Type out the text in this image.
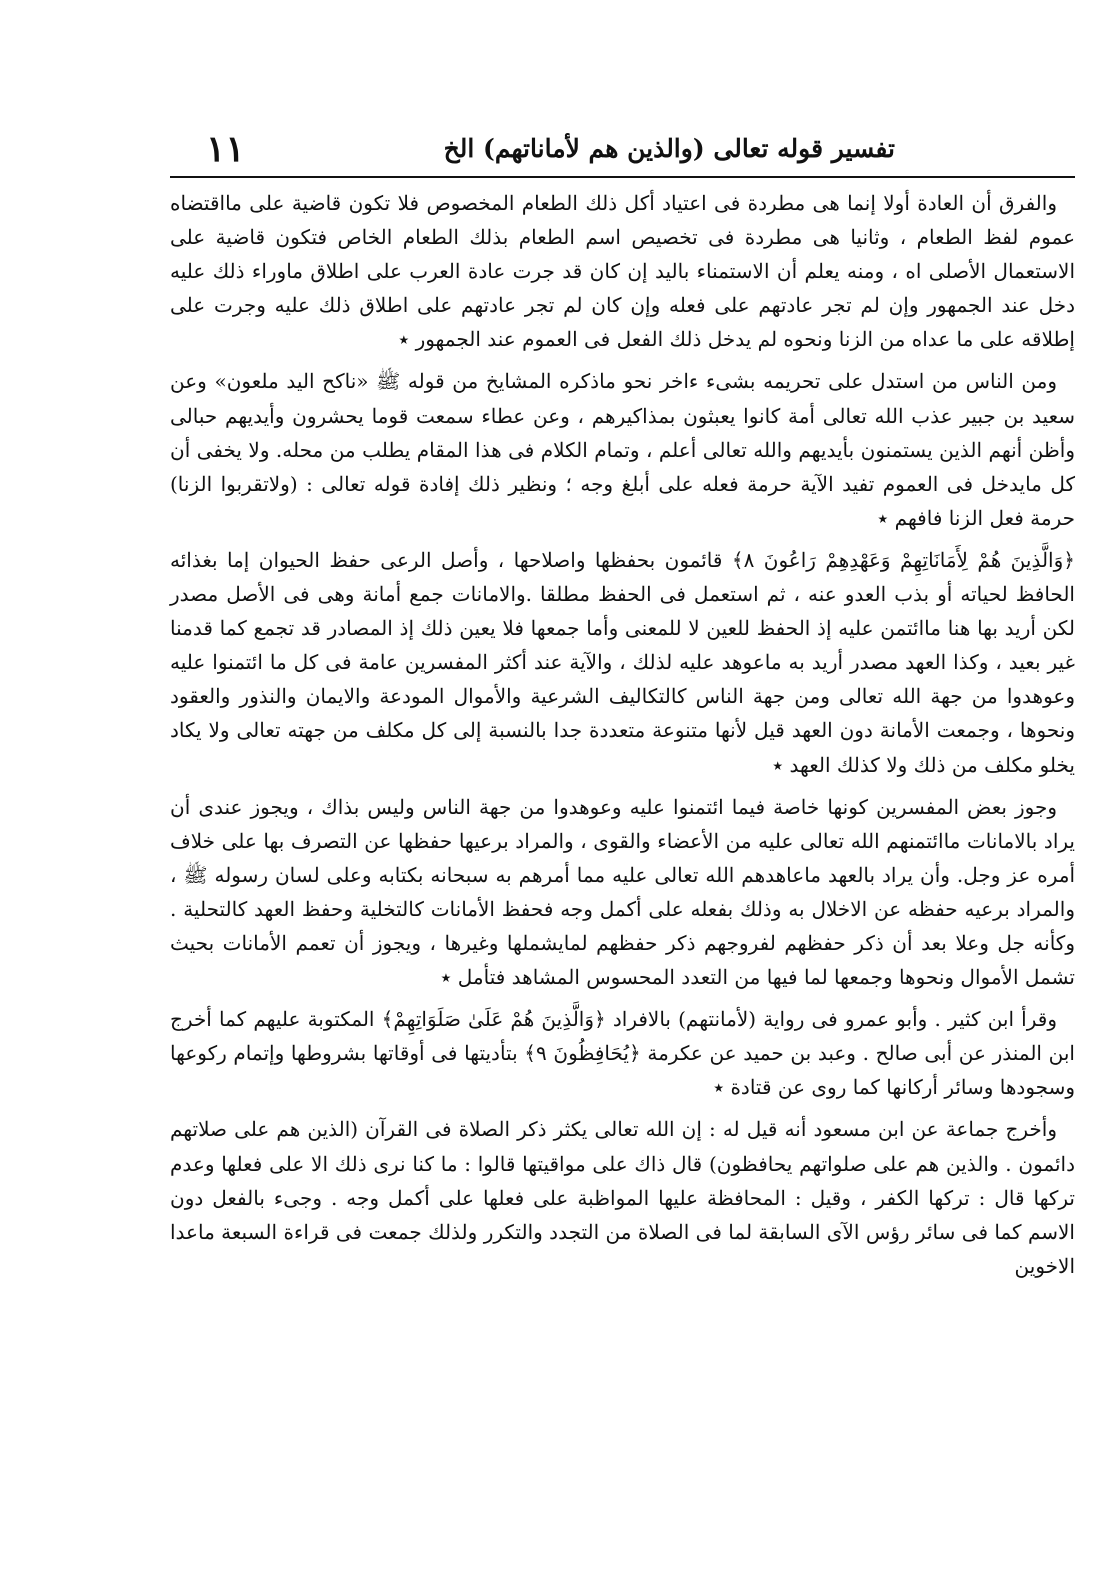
تفسير قوله تعالى (والذين هم لأماناتهم) الخ
١١

والفرق أن العادة أولا إنما هى مطردة فى اعتياد أكل ذلك الطعام المخصوص فلا تكون قاضية على مااقتضاه عموم لفظ الطعام ، وثانيا هى مطردة فى تخصيص اسم الطعام بذلك الطعام الخاص فتكون قاضية على الاستعمال الأصلى اه ، ومنه يعلم أن الاستمناء باليد إن كان قد جرت عادة العرب على اطلاق ماوراء ذلك عليه دخل عند الجمهور وإن لم تجر عادتهم على فعله وإن كان لم تجر عادتهم على اطلاق ذلك عليه وجرت على إطلاقه على ما عداه من الزنا ونحوه لم يدخل ذلك الفعل فى العموم عند الجمهور ٭

ومن الناس من استدل على تحريمه بشىء ءاخر نحو ماذكره المشايخ من قوله ﷺ «ناكح اليد ملعون» وعن سعيد بن جبير عذب الله تعالى أمة كانوا يعبثون بمذاكيرهم ، وعن عطاء سمعت قوما يحشرون وأيديهم حبالى وأظن أنهم الذين يستمنون بأيديهم والله تعالى أعلم ، وتمام الكلام فى هذا المقام يطلب من محله. ولا يخفى أن كل مايدخل فى العموم تفيد الآية حرمة فعله على أبلغ وجه ؛ ونظير ذلك إفادة قوله تعالى : (ولاتقربوا الزنا) حرمة فعل الزنا فافهم ٭

﴿وَالَّذِينَ هُمْ لِأَمَانَاتِهِمْ وَعَهْدِهِمْ رَاعُونَ ٨﴾ قائمون بحفظها واصلاحها ، وأصل الرعى حفظ الحيوان إما بغذائه الحافظ لحياته أو بذب العدو عنه ، ثم استعمل فى الحفظ مطلقا .والامانات جمع أمانة وهى فى الأصل مصدر لكن أريد بها هنا ماائتمن عليه إذ الحفظ للعين لا للمعنى وأما جمعها فلا يعين ذلك إذ المصادر قد تجمع كما قدمنا غير بعيد ، وكذا العهد مصدر أريد به ماعوهد عليه لذلك ، والآية عند أكثر المفسرين عامة فى كل ما ائتمنوا عليه وعوهدوا من جهة الله تعالى ومن جهة الناس كالتكاليف الشرعية والأموال المودعة والايمان والنذور والعقود ونحوها ، وجمعت الأمانة دون العهد قيل لأنها متنوعة متعددة جدا بالنسبة إلى كل مكلف من جهته تعالى ولا يكاد يخلو مكلف من ذلك ولا كذلك العهد ٭

وجوز بعض المفسرين كونها خاصة فيما ائتمنوا عليه وعوهدوا من جهة الناس وليس بذاك ، ويجوز عندى أن يراد بالامانات ماائتمنهم الله تعالى عليه من الأعضاء والقوى ، والمراد برعيها حفظها عن التصرف بها على خلاف أمره عز وجل. وأن يراد بالعهد ماعاهدهم الله تعالى عليه مما أمرهم به سبحانه بكتابه وعلى لسان رسوله ﷺ ، والمراد برعيه حفظه عن الاخلال به وذلك بفعله على أكمل وجه فحفظ الأمانات كالتخلية وحفظ العهد كالتحلية . وكأنه جل وعلا بعد أن ذكر حفظهم لفروجهم ذكر حفظهم لمايشملها وغيرها ، ويجوز أن تعمم الأمانات بحيث تشمل الأموال ونحوها وجمعها لما فيها من التعدد المحسوس المشاهد فتأمل ٭

وقرأ ابن كثير . وأبو عمرو فى رواية (لأمانتهم) بالافراد ﴿وَالَّذِينَ هُمْ عَلَىٰ صَلَوَاتِهِمْ﴾ المكتوبة عليهم كما أخرج ابن المنذر عن أبى صالح . وعبد بن حميد عن عكرمة ﴿يُحَافِظُونَ ٩﴾ بتأديتها فى أوقاتها بشروطها وإتمام ركوعها وسجودها وسائر أركانها كما روى عن قتادة ٭

وأخرج جماعة عن ابن مسعود أنه قيل له : إن الله تعالى يكثر ذكر الصلاة فى القرآن (الذين هم على صلاتهم دائمون . والذين هم على صلواتهم يحافظون) قال ذاك على مواقيتها قالوا : ما كنا نرى ذلك الا على فعلها وعدم تركها قال : تركها الكفر ، وقيل : المحافظة عليها المواظبة على فعلها على أكمل وجه . وجىء بالفعل دون الاسم كما فى سائر رؤس الآى السابقة لما فى الصلاة من التجدد والتكرر ولذلك جمعت فى قراءة السبعة ماعدا الاخوين
